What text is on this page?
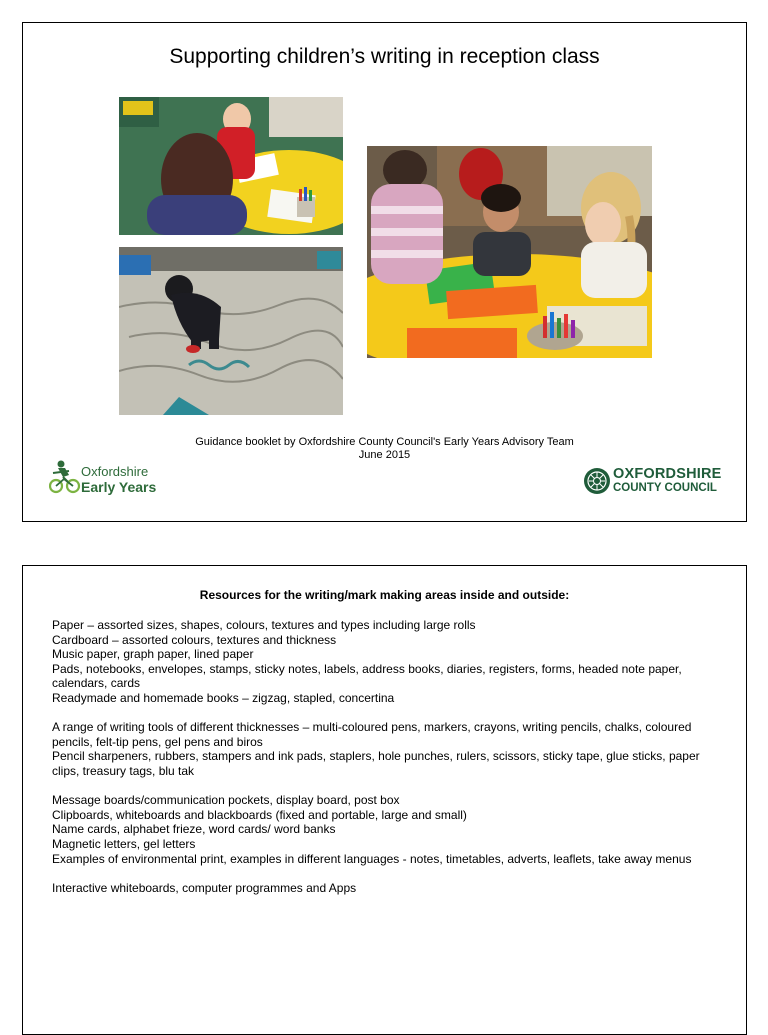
Supporting children’s writing in reception class
Guidance booklet by Oxfordshire County Council's Early Years Advisory Team
June 2015
Oxfordshire
Early Years
OXFORDSHIRE
COUNTY COUNCIL
Resources for the writing/mark making areas inside and outside:

Paper – assorted sizes, shapes, colours, textures and types including large rolls

Cardboard – assorted colours, textures and thickness

Music paper, graph paper, lined paper

Pads, notebooks, envelopes, stamps, sticky notes, labels, address books, diaries, registers, forms, headed note paper, calendars, cards

Readymade and homemade books – zigzag, stapled, concertina

A range of writing tools of different thicknesses – multi-coloured pens, markers, crayons, writing pencils, chalks, coloured pencils, felt-tip pens, gel pens and biros

Pencil sharpeners, rubbers, stampers and ink pads, staplers, hole punches, rulers, scissors, sticky tape, glue sticks, paper clips, treasury tags, blu tak

Message boards/communication pockets, display board, post box

Clipboards, whiteboards and blackboards (fixed and portable, large and small)

Name cards, alphabet frieze, word cards/ word banks

Magnetic letters, gel letters

Examples of environmental print, examples in different languages - notes, timetables, adverts, leaflets, take away menus

Interactive whiteboards, computer programmes and Apps
